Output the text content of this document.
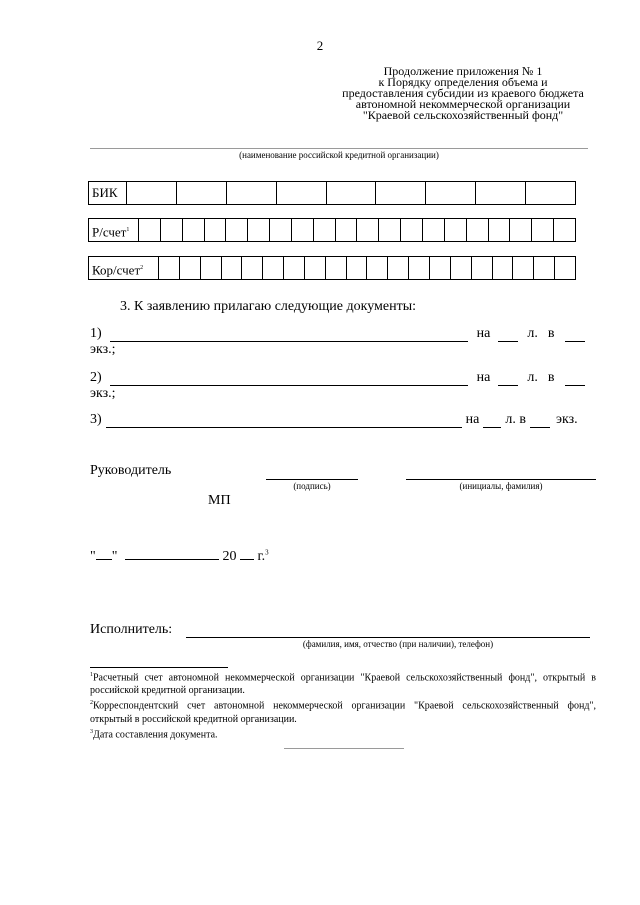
2
Продолжение приложения № 1
к Порядку определения объема и
предоставления субсидии из краевого бюджета
автономной некоммерческой организации
"Краевой сельскохозяйственный фонд"
(наименование российской кредитной организации)
БИК
Р/счет$^1$
Кор/счет$^2$
3. К заявлению прилагаю следующие документы:
1)	на	л. в
экз.;
2)	на	л. в
экз.;
3)	на л. в экз.
Руководитель
(подпись)	(инициалы, фамилия)
МП
" "	20 г.$^3$
Исполнитель:
(фамилия, имя, отчество (при наличии), телефон)
$^1$Расчетный счет автономной некоммерческой организации "Краевой сельскохозяйственный фонд", открытый в российской кредитной организации.
$^2$Корреспондентский счет автономной некоммерческой организации "Краевой сельскохозяйственный фонд", открытый в российской кредитной организации.
$^3$Дата составления документа.
